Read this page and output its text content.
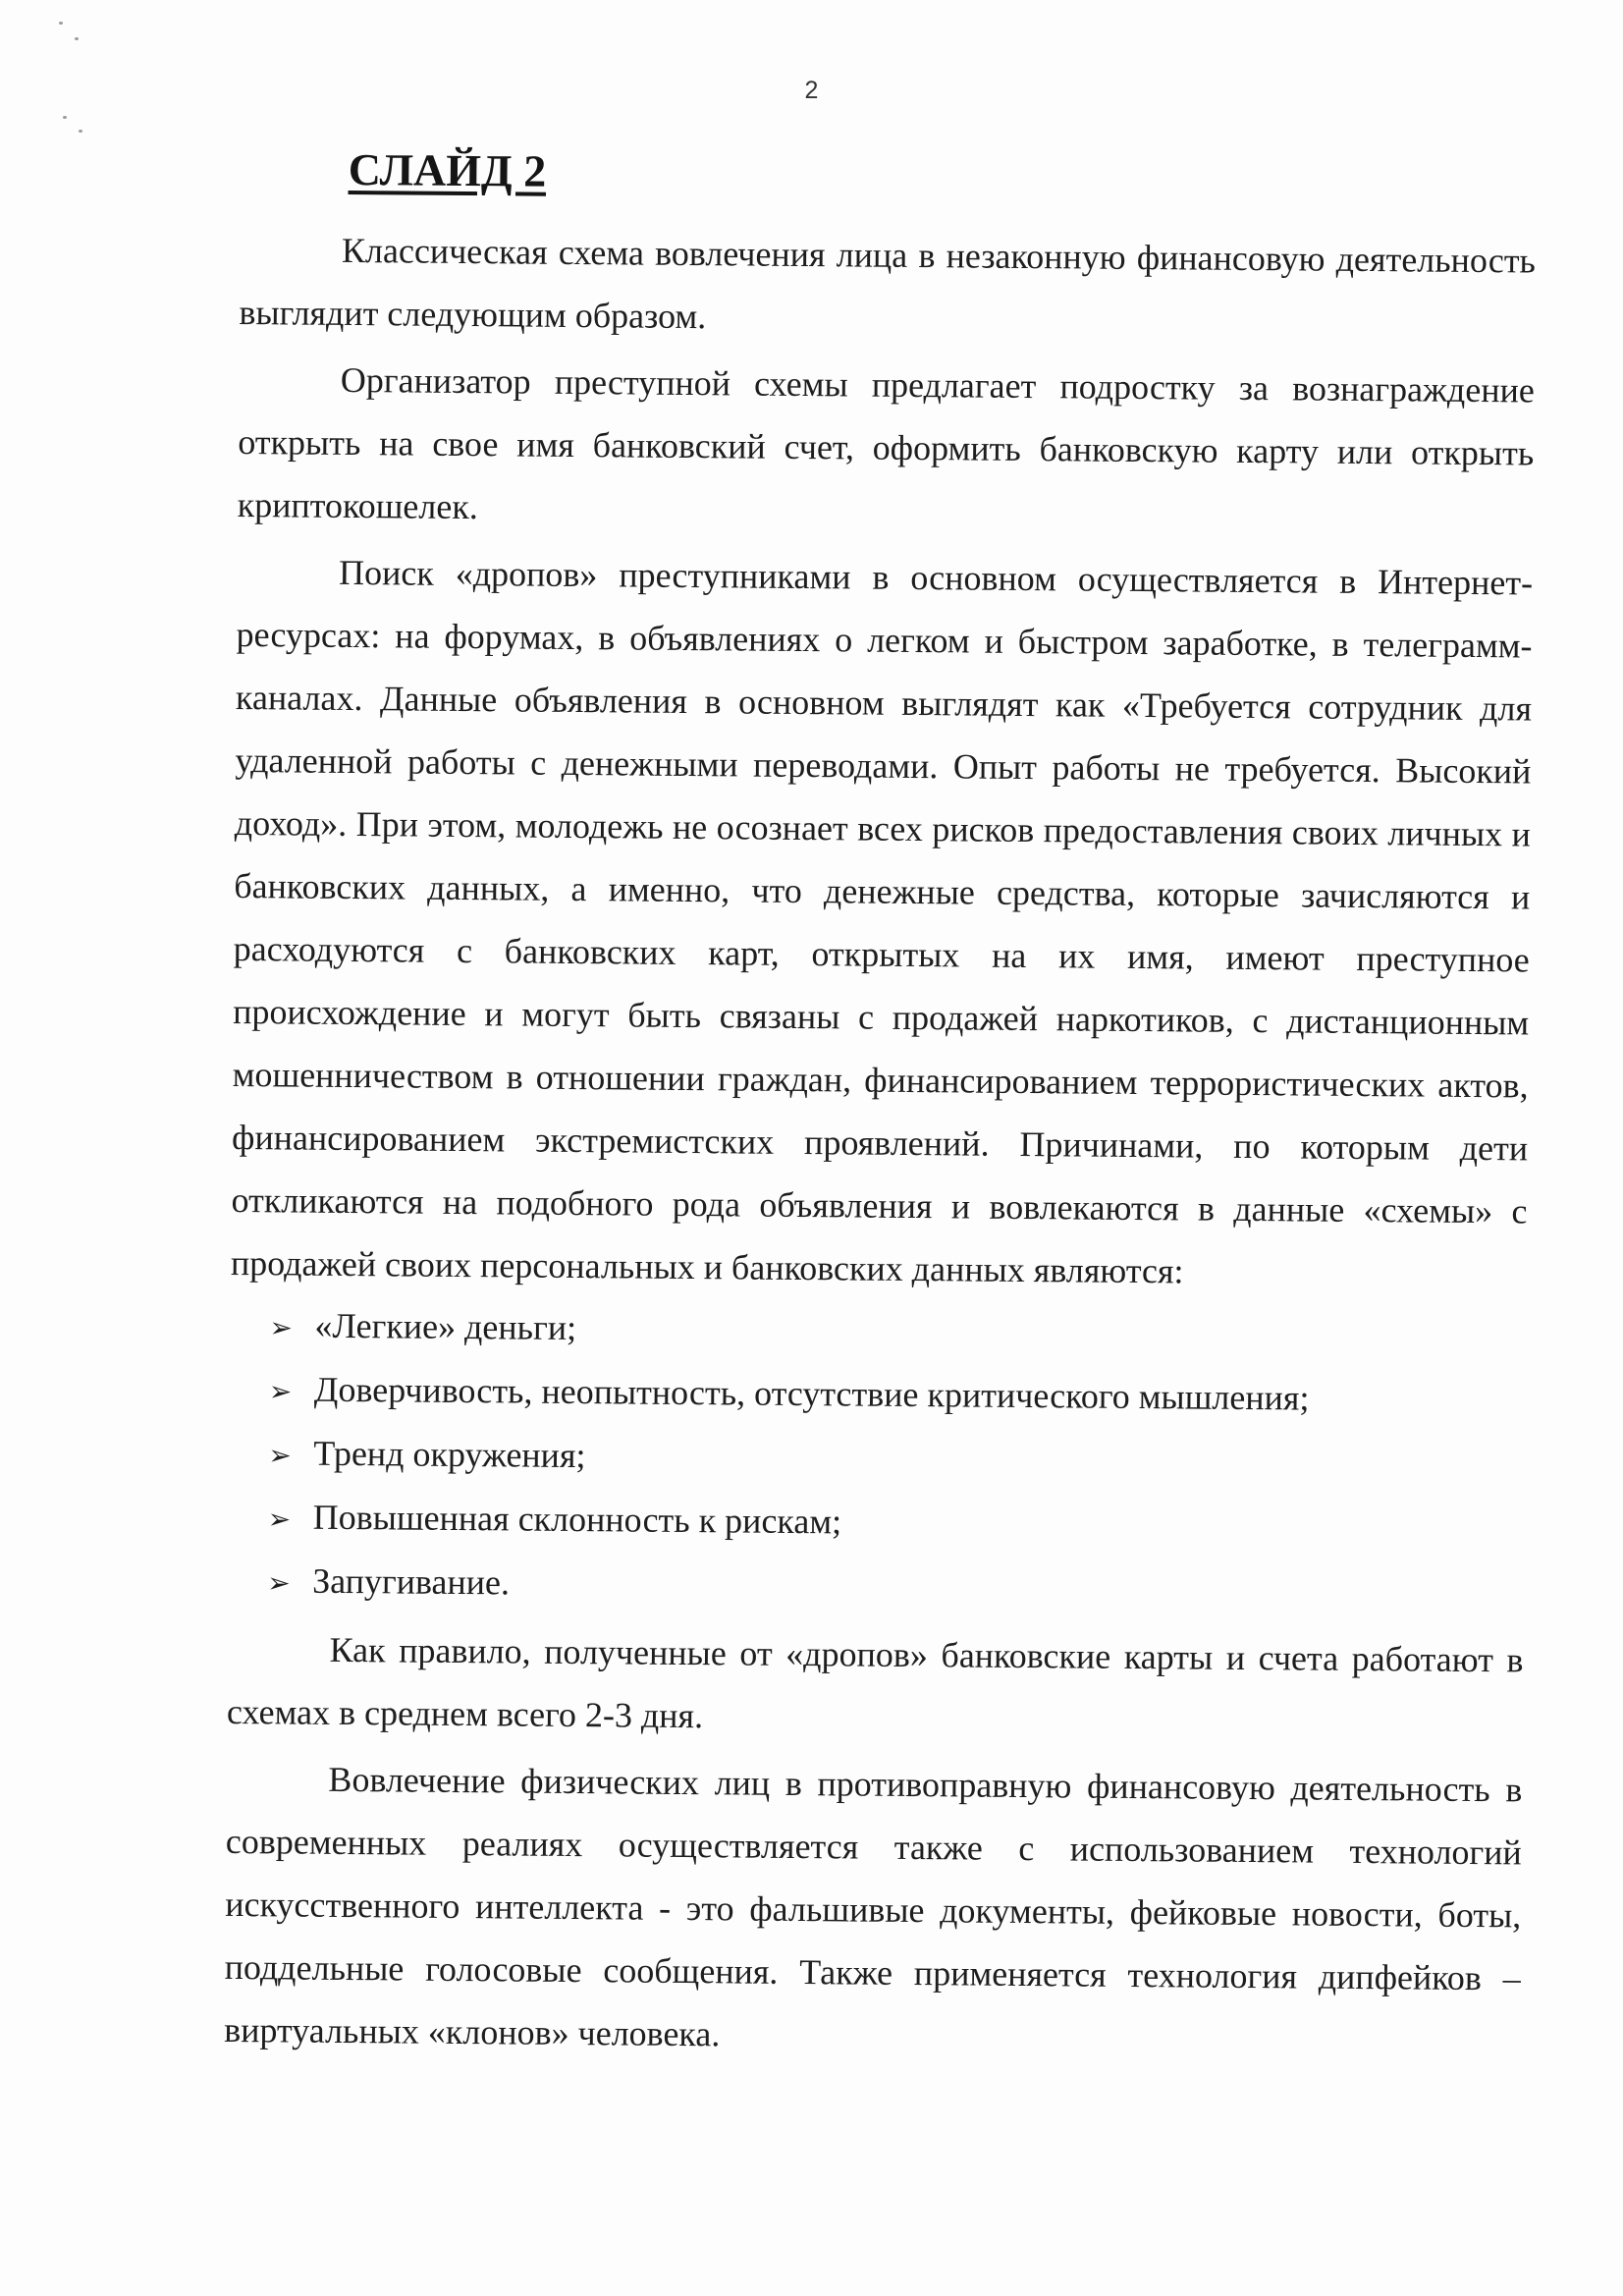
2
СЛАЙД 2

Классическая схема вовлечения лица в незаконную финансовую деятельность выглядит следующим образом.

Организатор преступной схемы предлагает подростку за вознаграждение открыть на свое имя банковский счет, оформить банковскую карту или открыть криптокошелек.

Поиск «дропов» преступниками в основном осуществляется в Интернет-ресурсах: на форумах, в объявлениях о легком и быстром заработке, в телеграмм-каналах. Данные объявления в основном выглядят как «Требуется сотрудник для удаленной работы с денежными переводами. Опыт работы не требуется. Высокий доход». При этом, молодежь не осознает всех рисков предоставления своих личных и банковских данных, а именно, что денежные средства, которые зачисляются и расходуются с банковских карт, открытых на их имя, имеют преступное происхождение и могут быть связаны с продажей наркотиков, с дистанционным мошенничеством в отношении граждан, финансированием террористических актов, финансированием экстремистских проявлений. Причинами, по которым дети откликаются на подобного рода объявления и вовлекаются в данные «схемы» с продажей своих персональных и банковских данных являются:

➢ «Легкие» деньги;
➢ Доверчивость, неопытность, отсутствие критического мышления;
➢ Тренд окружения;
➢ Повышенная склонность к рискам;
➢ Запугивание.

Как правило, полученные от «дропов» банковские карты и счета работают в схемах в среднем всего 2-3 дня.

Вовлечение физических лиц в противоправную финансовую деятельность в современных реалиях осуществляется также с использованием технологий искусственного интеллекта - это фальшивые документы, фейковые новости, боты, поддельные голосовые сообщения. Также применяется технология дипфейков – виртуальных «клонов» человека.
